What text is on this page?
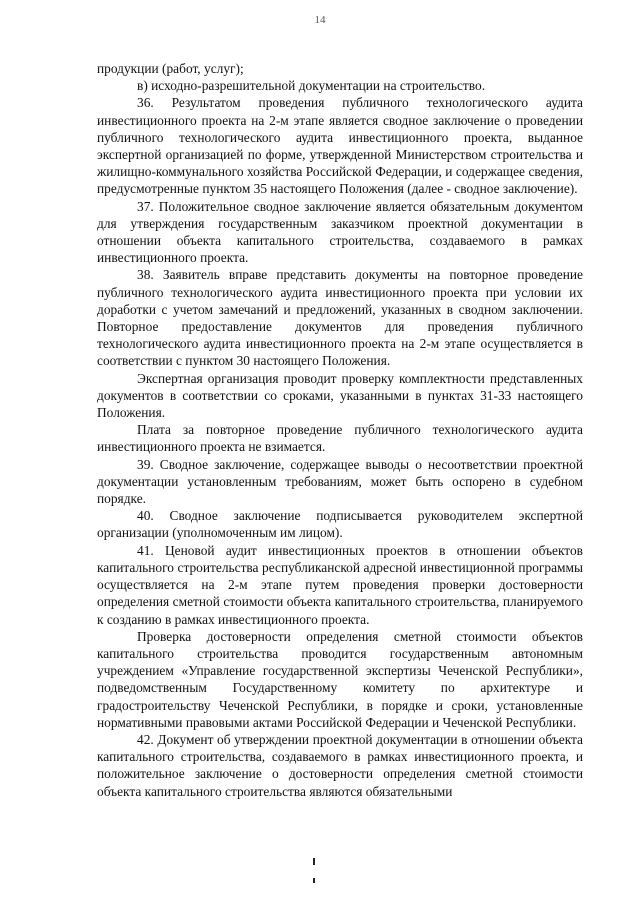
14

продукции (работ, услуг);

в) исходно-разрешительной документации на строительство.

36. Результатом проведения публичного технологического аудита инвестиционного проекта на 2-м этапе является сводное заключение о проведении публичного технологического аудита инвестиционного проекта, выданное экспертной организацией по форме, утвержденной Министерством строительства и жилищно-коммунального хозяйства Российской Федерации, и содержащее сведения, предусмотренные пунктом 35 настоящего Положения (далее - сводное заключение).

37. Положительное сводное заключение является обязательным документом для утверждения государственным заказчиком проектной документации в отношении объекта капитального строительства, создаваемого в рамках инвестиционного проекта.

38. Заявитель вправе представить документы на повторное проведение публичного технологического аудита инвестиционного проекта при условии их доработки с учетом замечаний и предложений, указанных в сводном заключении. Повторное предоставление документов для проведения публичного технологического аудита инвестиционного проекта на 2-м этапе осуществляется в соответствии с пунктом 30 настоящего Положения.

Экспертная организация проводит проверку комплектности представленных документов в соответствии со сроками, указанными в пунктах 31-33 настоящего Положения.

Плата за повторное проведение публичного технологического аудита инвестиционного проекта не взимается.

39. Сводное заключение, содержащее выводы о несоответствии проектной документации установленным требованиям, может быть оспорено в судебном порядке.

40. Сводное заключение подписывается руководителем экспертной организации (уполномоченным им лицом).

41. Ценовой аудит инвестиционных проектов в отношении объектов капитального строительства республиканской адресной инвестиционной программы осуществляется на 2-м этапе путем проведения проверки достоверности определения сметной стоимости объекта капитального строительства, планируемого к созданию в рамках инвестиционного проекта.

Проверка достоверности определения сметной стоимости объектов капитального строительства проводится государственным автономным учреждением «Управление государственной экспертизы Чеченской Республики», подведомственным Государственному комитету по архитектуре и градостроительству Чеченской Республики, в порядке и сроки, установленные нормативными правовыми актами Российской Федерации и Чеченской Республики.

42. Документ об утверждении проектной документации в отношении объекта капитального строительства, создаваемого в рамках инвестиционного проекта, и положительное заключение о достоверности определения сметной стоимости объекта капитального строительства являются обязательными
